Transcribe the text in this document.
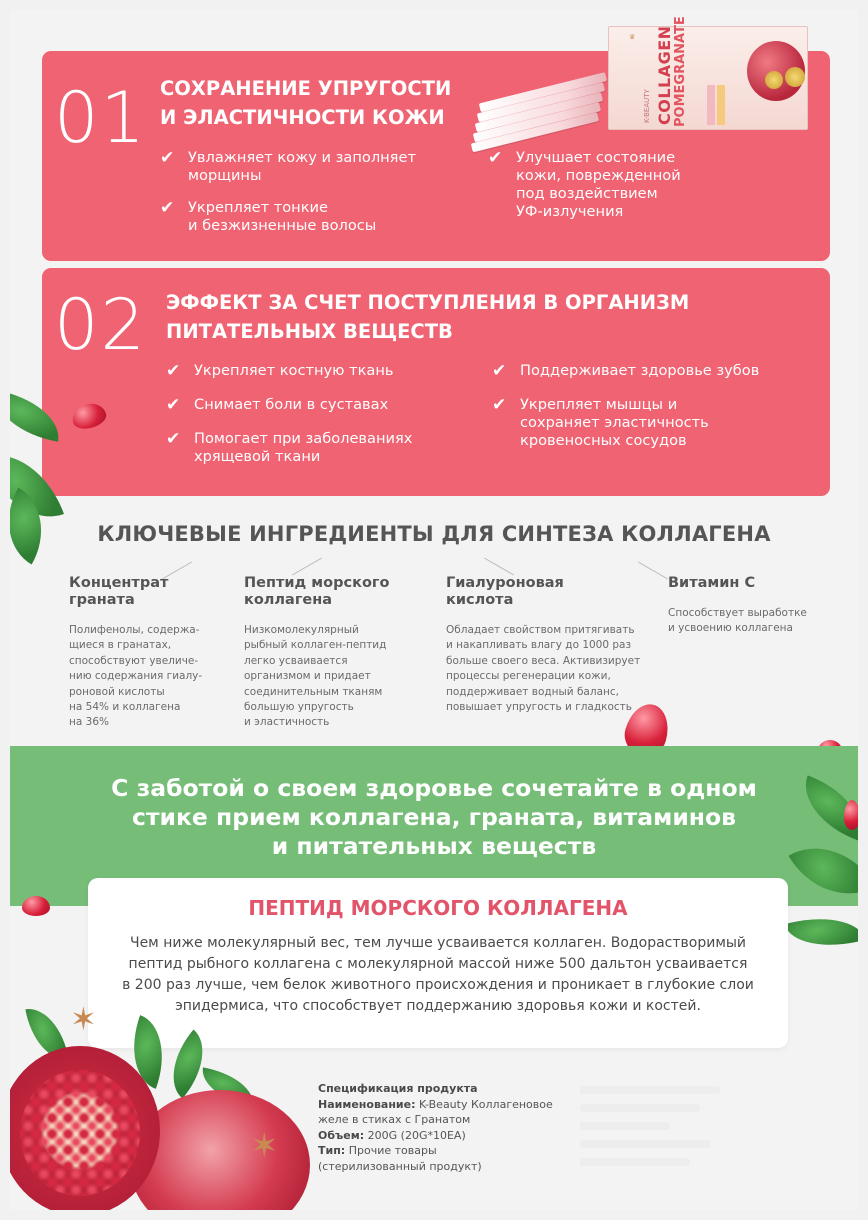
01 СОХРАНЕНИЕ УПРУГОСТИ
И ЭЛАСТИЧНОСТИ КОЖИ
✔ Увлажняет кожу и заполняет
морщины
✔ Укрепляет тонкие
и безжизненные волосы
✔ Улучшает состояние
кожи, поврежденной
под воздействием
УФ-излучения
♛
K-BEAUTY COLLAGEN POMEGRANATE
02 ЭФФЕКТ ЗА СЧЕТ ПОСТУПЛЕНИЯ В ОРГАНИЗМ
ПИТАТЕЛЬНЫХ ВЕЩЕСТВ
✔ Укрепляет костную ткань
✔ Снимает боли в суставах
✔ Помогает при заболеваниях
хрящевой ткани
✔ Поддерживает здоровье зубов
✔ Укрепляет мышцы и
сохраняет эластичность
кровеносных сосудов
КЛЮЧЕВЫЕ ИНГРЕДИЕНТЫ ДЛЯ СИНТЕЗА КОЛЛАГЕНА
Концентрат
граната
Полифенолы, содержа-
щиеся в гранатах,
способствуют увеличе-
нию содержания гиалу-
роновой кислоты
на 54% и коллагена
на 36%
Пептид морского
коллагена
Низкомолекулярный
рыбный коллаген-пептид
легко усваивается
организмом и придает
соединительным тканям
большую упругость
и эластичность
Гиалуроновая
кислота
Обладает свойством притягивать
и накапливать влагу до 1000 раз
больше своего веса. Активизирует
процессы регенерации кожи,
поддерживает водный баланс,
повышает упругость и гладкость
Витамин С
Способствует выработке
и усвоению коллагена
С заботой о своем здоровье сочетайте в одном
стике прием коллагена, граната, витаминов
и питательных веществ
ПЕПТИД МОРСКОГО КОЛЛАГЕНА
Чем ниже молекулярный вес, тем лучше усваивается коллаген. Водорастворимый
пептид рыбного коллагена с молекулярной массой ниже 500 дальтон усваивается
в 200 раз лучше, чем белок животного происхождения и проникает в глубокие слои
эпидермиса, что способствует поддержанию здоровья кожи и костей.
✶
✶
Спецификация продукта
Наименование: K-Beauty Коллагеновое
желе в стиках с Гранатом
Объем: 200G (20G*10EA)
Тип: Прочие товары
(стерилизованный продукт)
